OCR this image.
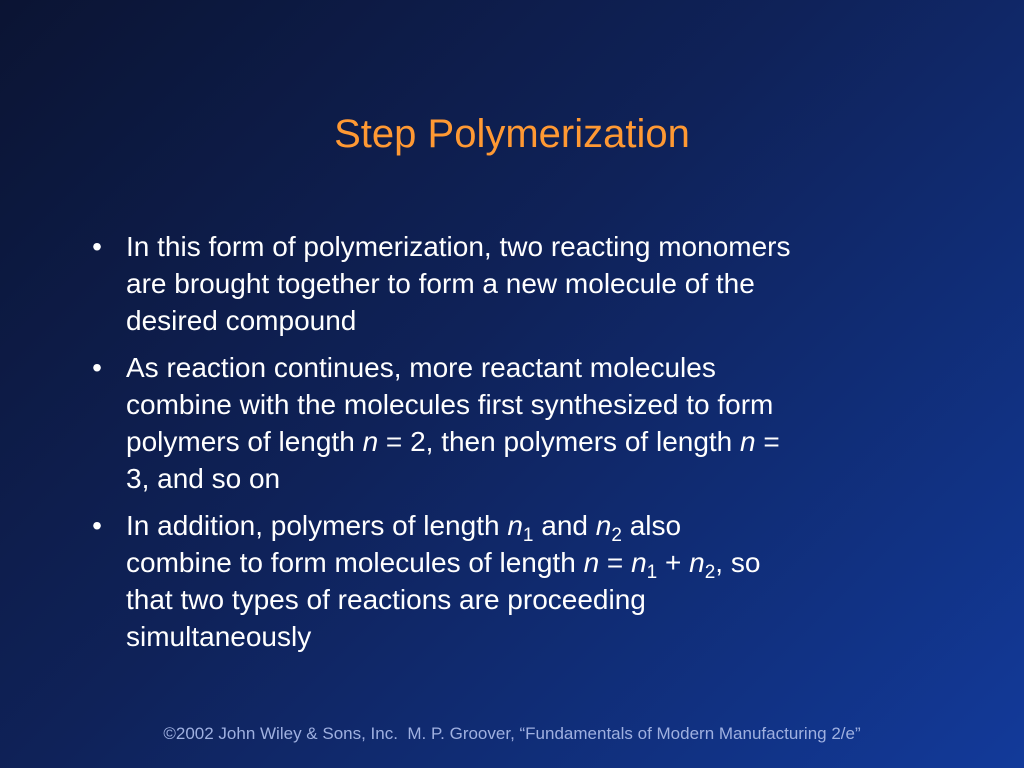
Step Polymerization
• In this form of polymerization, two reacting monomers
are brought together to form a new molecule of the
desired compound
• As reaction continues, more reactant molecules
combine with the molecules first synthesized to form
polymers of length n = 2, then polymers of length n =
3, and so on
• In addition, polymers of length $n_1$ and $n_2$ also
combine to form molecules of length $n = n_1 + n_2$, so
that two types of reactions are proceeding
simultaneously
©2002 John Wiley & Sons, Inc.  M. P. Groover, “Fundamentals of Modern Manufacturing 2/e”
